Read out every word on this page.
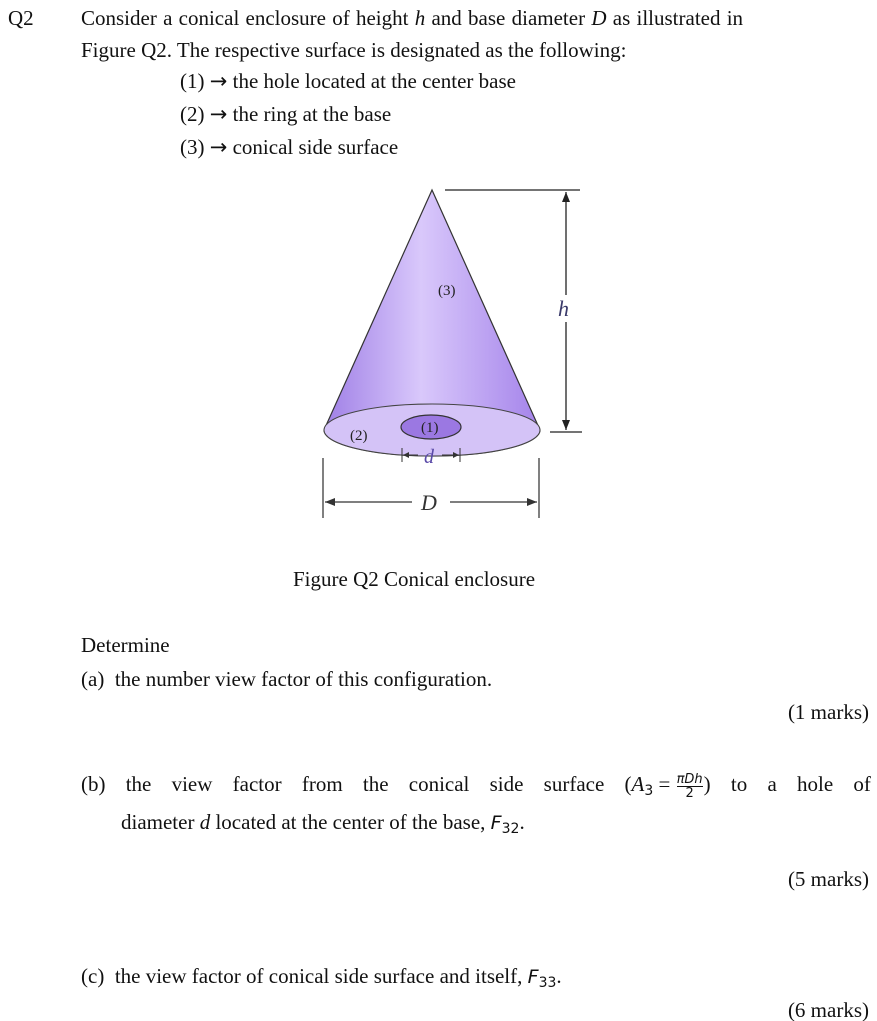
Q2 Consider a conical enclosure of height h and base diameter D as illustrated in
Figure Q2. The respective surface is designated as the following:
(1) → the hole located at the center base
(2) → the ring at the base
(3) → conical side surface
(3)
(2)	(1)
h
d
D
Figure Q2 Conical enclosure
Determine
(a) the number view factor of this configuration.
(1 marks)
(b) the view factor from the conical side surface ($A_3 = \frac{\text{πDh}}{2}$ ) to a hole of
diameter d located at the center of the base, $F_{32}$.
(5 marks)
(c) the view factor of conical side surface and itself, $F_{33}$.
(6 marks)
